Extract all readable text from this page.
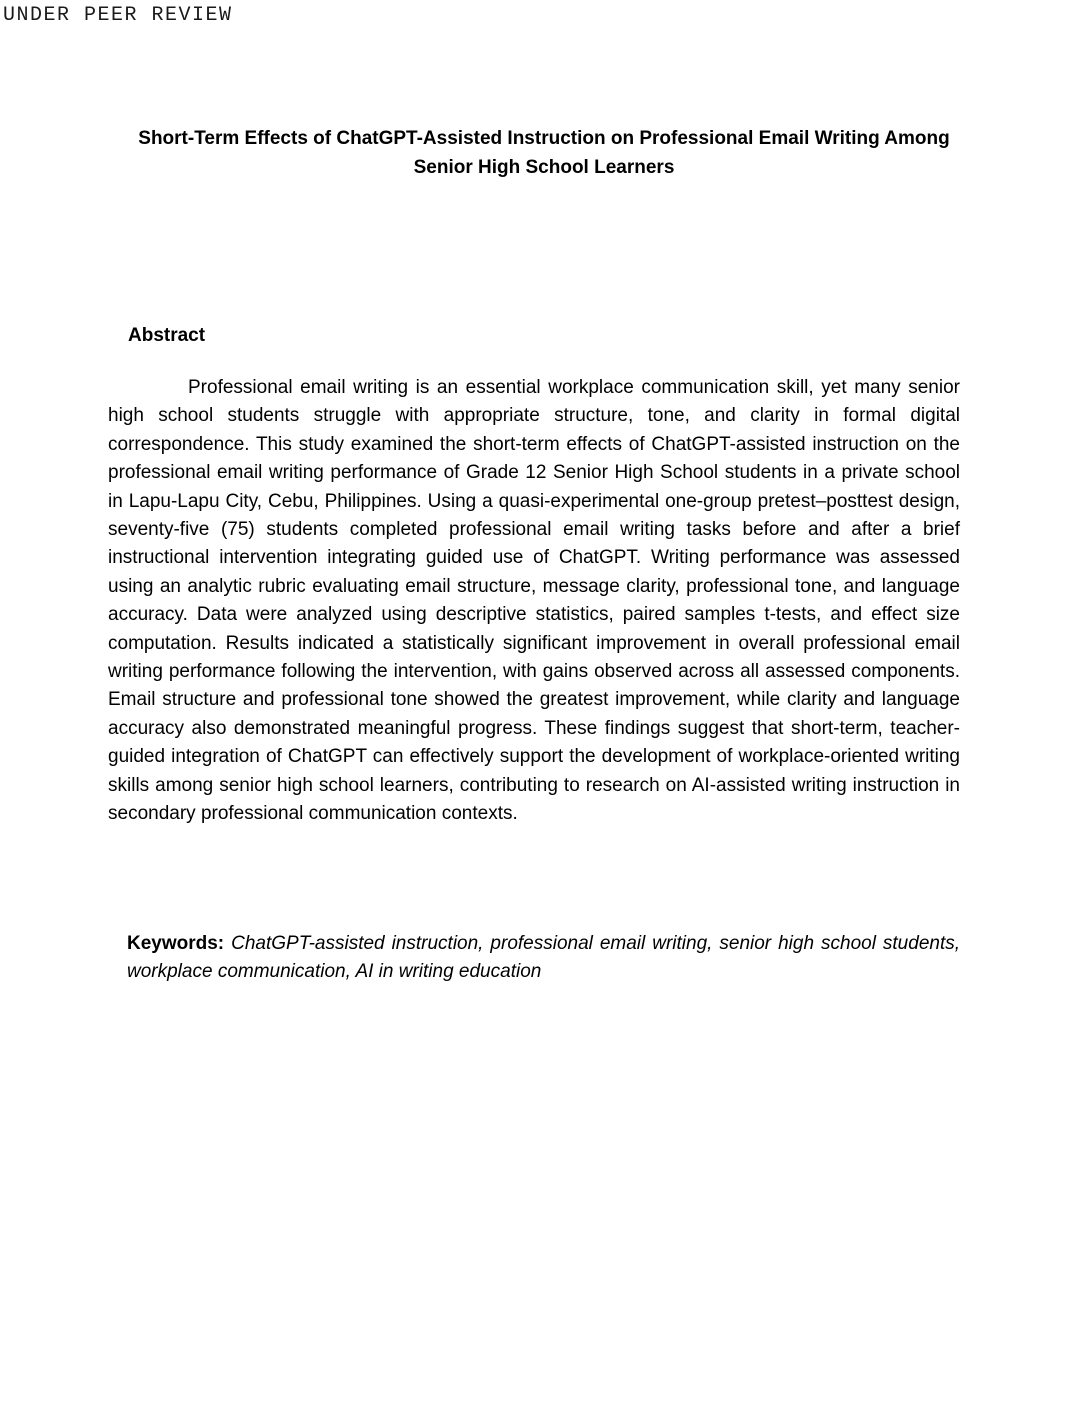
UNDER PEER REVIEW
Short-Term Effects of ChatGPT-Assisted Instruction on Professional Email Writing Among Senior High School Learners
Abstract

Professional email writing is an essential workplace communication skill, yet many senior high school students struggle with appropriate structure, tone, and clarity in formal digital correspondence. This study examined the short-term effects of ChatGPT-assisted instruction on the professional email writing performance of Grade 12 Senior High School students in a private school in Lapu-Lapu City, Cebu, Philippines. Using a quasi-experimental one-group pretest–posttest design, seventy-five (75) students completed professional email writing tasks before and after a brief instructional intervention integrating guided use of ChatGPT. Writing performance was assessed using an analytic rubric evaluating email structure, message clarity, professional tone, and language accuracy. Data were analyzed using descriptive statistics, paired samples t-tests, and effect size computation. Results indicated a statistically significant improvement in overall professional email writing performance following the intervention, with gains observed across all assessed components. Email structure and professional tone showed the greatest improvement, while clarity and language accuracy also demonstrated meaningful progress. These findings suggest that short-term, teacher-guided integration of ChatGPT can effectively support the development of workplace-oriented writing skills among senior high school learners, contributing to research on AI-assisted writing instruction in secondary professional communication contexts.

Keywords: ChatGPT-assisted instruction, professional email writing, senior high school students, workplace communication, AI in writing education
